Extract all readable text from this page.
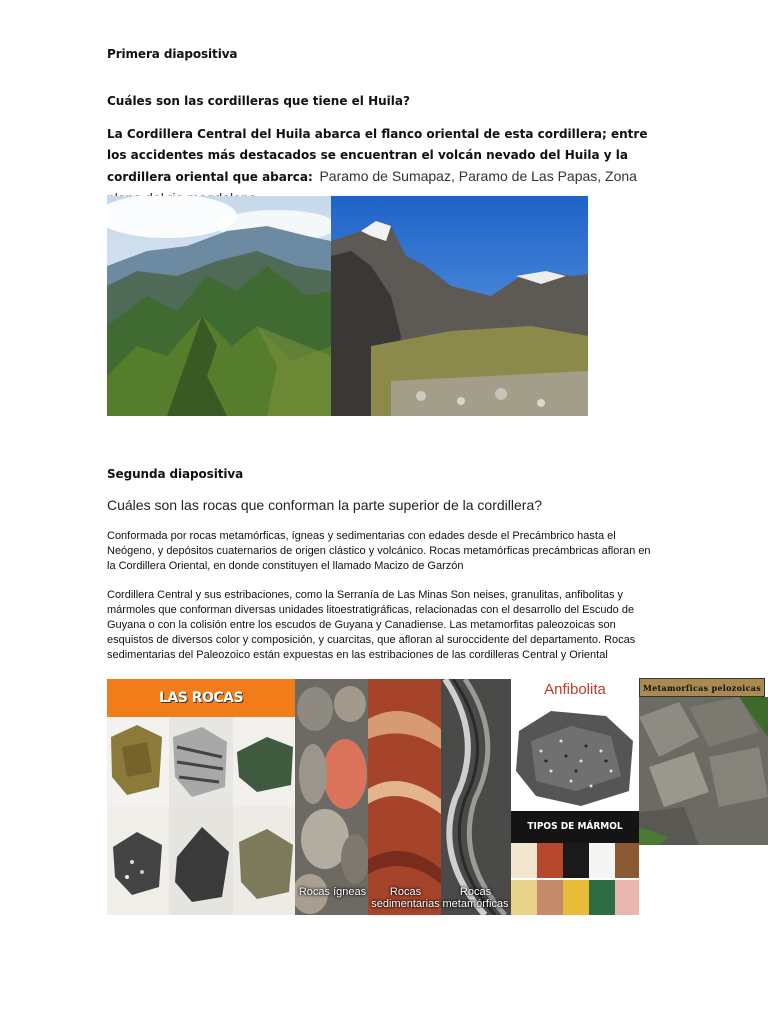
Primera diapositiva
Cuáles son las cordilleras que tiene el Huila?
La Cordillera Central del Huila abarca el flanco oriental de esta cordillera; entre los accidentes más destacados se encuentran el volcán nevado del Huila y la cordillera oriental que abarca: Paramo de Sumapaz, Paramo de Las Papas, Zona
Segunda diapositiva
Cuáles son las rocas que conforman la parte superior de la cordillera?
Conformada por rocas metamórficas, ígneas y sedimentarias con edades desde el Precámbrico hasta el Neógeno, y depósitos cuaternarios de origen clástico y volcánico. Rocas metamórficas precámbricas afloran en la Cordillera Oriental, en donde constituyen el llamado Macizo de Garzón
Cordillera Central y sus estribaciones, como la Serranía de Las Minas Son neises, granulitas, anfibolitas y mármoles que conforman diversas unidades litoestratigráficas, relacionadas con el desarrollo del Escudo de Guyana o con la colisión entre los escudos de Guyana y Canadiense. Las metamorfitas paleozoicas son esquistos de diversos color y composición, y cuarcitas, que afloran al suroccidente del departamento. Rocas sedimentarias del Paleozoico están expuestas en las estribaciones de las cordilleras Central y Oriental
LAS ROCAS
Rocas ígneas	Rocas sedimentarias
Rocas metamórficas
Anfibolita
TIPOS DE MÁRMOL
Metamorficas pelozoicas
